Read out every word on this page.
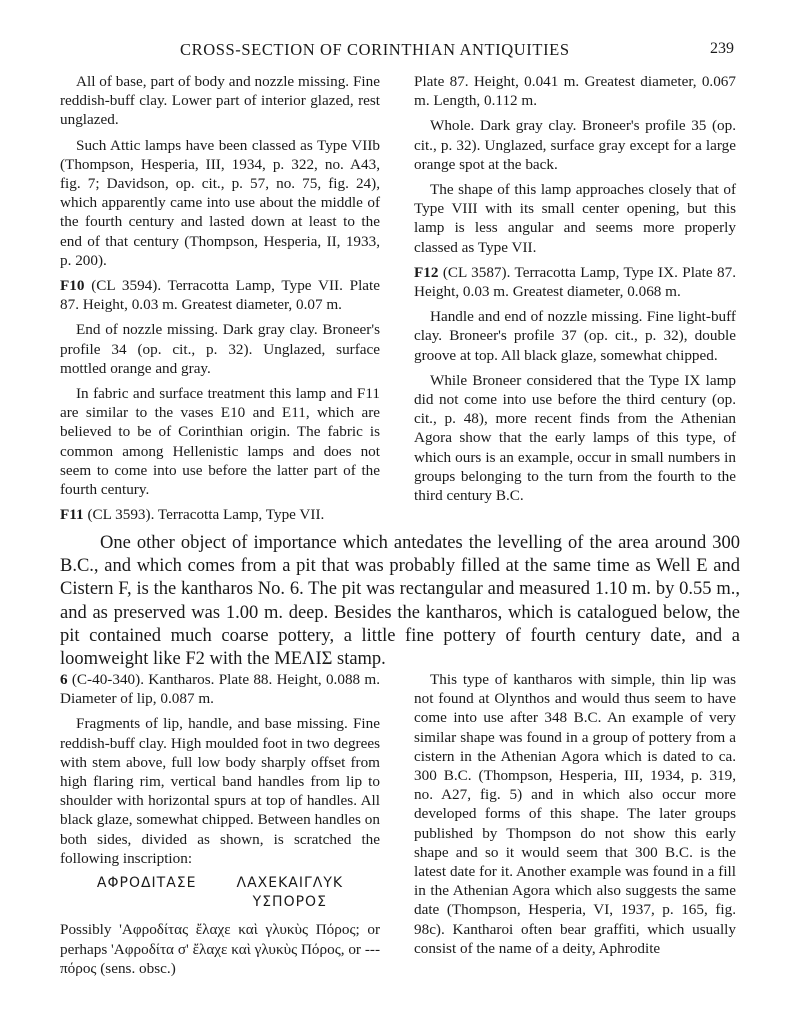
CROSS-SECTION OF CORINTHIAN ANTIQUITIES	239

All of base, part of body and nozzle missing. Fine reddish-buff clay. Lower part of interior glazed, rest unglazed.

Such Attic lamps have been classed as Type VIIb (Thompson, Hesperia, III, 1934, p. 322, no. A43, fig. 7; Davidson, op. cit., p. 57, no. 75, fig. 24), which apparently came into use about the middle of the fourth century and lasted down at least to the end of that century (Thompson, Hesperia, II, 1933, p. 200).

F10 (CL 3594). Terracotta Lamp, Type VII. Plate 87. Height, 0.03 m. Greatest diameter, 0.07 m.

End of nozzle missing. Dark gray clay. Broneer's profile 34 (op. cit., p. 32). Unglazed, surface mottled orange and gray.

In fabric and surface treatment this lamp and F11 are similar to the vases E10 and E11, which are believed to be of Corinthian origin. The fabric is common among Hellenistic lamps and does not seem to come into use before the latter part of the fourth century.

F11 (CL 3593). Terracotta Lamp, Type VII.

Plate 87. Height, 0.041 m. Greatest diameter, 0.067 m. Length, 0.112 m.

Whole. Dark gray clay. Broneer's profile 35 (op. cit., p. 32). Unglazed, surface gray except for a large orange spot at the back.

The shape of this lamp approaches closely that of Type VIII with its small center opening, but this lamp is less angular and seems more properly classed as Type VII.

F12 (CL 3587). Terracotta Lamp, Type IX. Plate 87. Height, 0.03 m. Greatest diameter, 0.068 m.

Handle and end of nozzle missing. Fine light-buff clay. Broneer's profile 37 (op. cit., p. 32), double groove at top. All black glaze, somewhat chipped.

While Broneer considered that the Type IX lamp did not come into use before the third century (op. cit., p. 48), more recent finds from the Athenian Agora show that the early lamps of this type, of which ours is an example, occur in small numbers in groups belonging to the turn from the fourth to the third century B.C.

One other object of importance which antedates the levelling of the area around 300 B.C., and which comes from a pit that was probably filled at the same time as Well E and Cistern F, is the kantharos No. 6. The pit was rectangular and measured 1.10 m. by 0.55 m., and as preserved was 1.00 m. deep. Besides the kantharos, which is catalogued below, the pit contained much coarse pottery, a little fine pottery of fourth century date, and a loomweight like F2 with the ΜΕΛΙΣ stamp.

6 (C-40-340). Kantharos. Plate 88. Height, 0.088 m. Diameter of lip, 0.087 m.

Fragments of lip, handle, and base missing. Fine reddish-buff clay. High moulded foot in two degrees with stem above, full low body sharply offset from high flaring rim, vertical band handles from lip to shoulder with horizontal spurs at top of handles. All black glaze, somewhat chipped. Between handles on both sides, divided as shown, is scratched the following inscription:

ΑΦΡΟΔΙΤΑΣΕ	ΛΑΧΕΚΑΙΓΛΥΚ
ΥΣΠΟΡΟΣ

Possibly 'Αφροδίτας ἔλαχε καὶ γλυκὺς Πόρος; or perhaps 'Αφροδίτα σ' ἔλαχε καὶ γλυκὺς Πόρος, or --- πόρος (sens. obsc.)

This type of kantharos with simple, thin lip was not found at Olynthos and would thus seem to have come into use after 348 B.C. An example of very similar shape was found in a group of pottery from a cistern in the Athenian Agora which is dated to ca. 300 B.C. (Thompson, Hesperia, III, 1934, p. 319, no. A27, fig. 5) and in which also occur more developed forms of this shape. The later groups published by Thompson do not show this early shape and so it would seem that 300 B.C. is the latest date for it. Another example was found in a fill in the Athenian Agora which also suggests the same date (Thompson, Hesperia, VI, 1937, p. 165, fig. 98c). Kantharoi often bear graffiti, which usually consist of the name of a deity, Aphrodite
